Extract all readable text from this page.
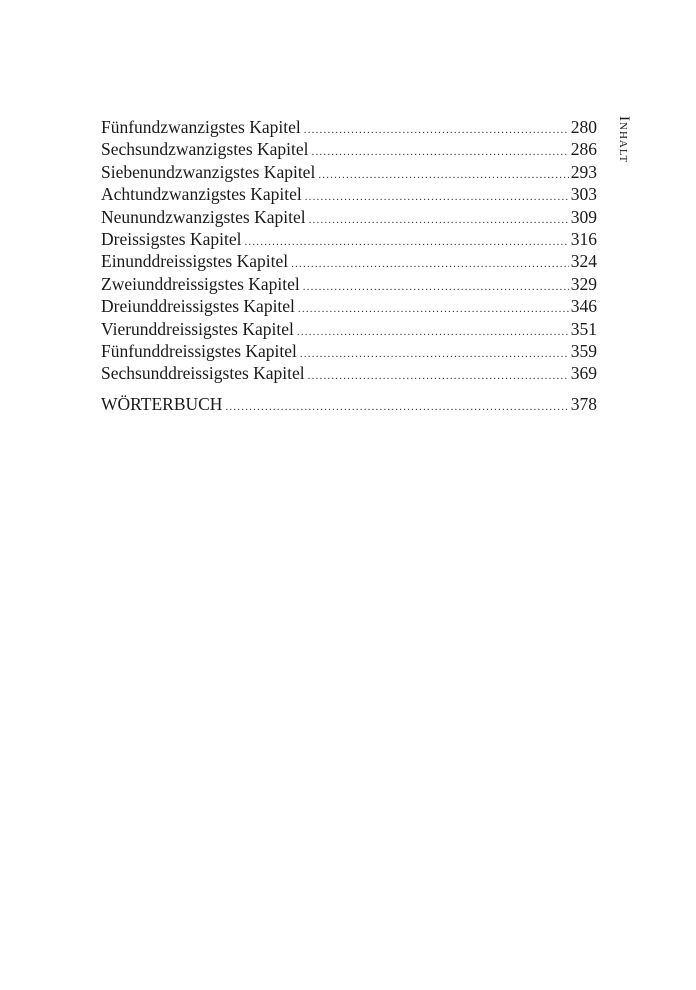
Inhalt
Fünfundzwanzigstes Kapitel .....	280
Sechsundzwanzigstes Kapitel .....	286
Siebenundzwanzigstes Kapitel .....	293
Achtundzwanzigstes Kapitel .....	303
Neunundzwanzigstes Kapitel .....	309
Dreissigstes Kapitel .....	316
Einunddreissigstes Kapitel .....	324
Zweiunddreissigstes Kapitel .....	329
Dreiunddreissigstes Kapitel .....	346
Vierunddreissigstes Kapitel .....	351
Fünfunddreissigstes Kapitel .....	359
Sechsunddreissigstes Kapitel .....	369
WÖRTERBUCH .....	378
